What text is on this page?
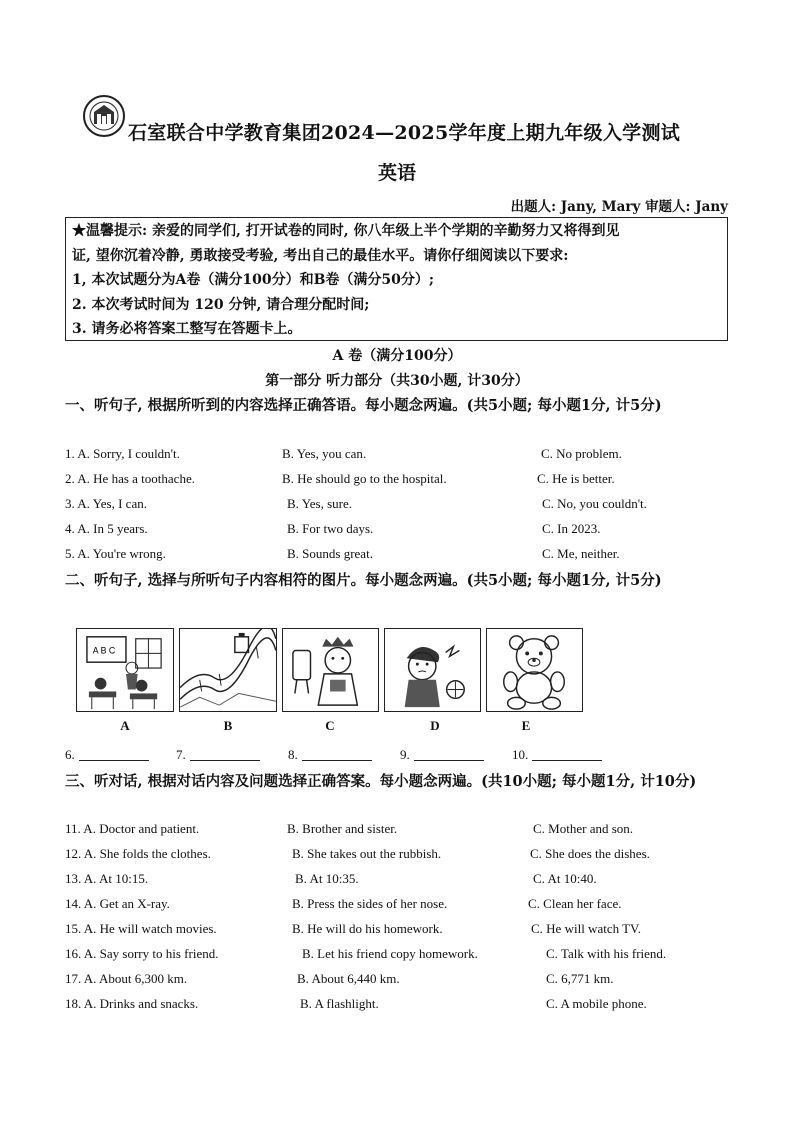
石室联合中学教育集团2024—2025学年度上期九年级入学测试
英语
出题人: Jany, Mary 审题人: Jany
★温馨提示: 亲爱的同学们, 打开试卷的同时, 你八年级上半个学期的辛勤努力又将得到见
证, 望你沉着冷静, 勇敢接受考验, 考出自己的最佳水平。请你仔细阅读以下要求:
1, 本次试题分为A卷（满分100分）和B卷（满分50分）;
2. 本次考试时间为 120 分钟, 请合理分配时间;
3. 请务必将答案工整写在答题卡上。
A 卷（满分100分）
第一部分 听力部分（共30小题, 计30分）
一、听句子, 根据所听到的内容选择正确答语。每小题念两遍。(共5小题; 每小题1分, 计5分)
1. A. Sorry, I couldn't.	B. Yes, you can.	C. No problem.
2. A. He has a toothache.	B. He should go to the hospital.	C. He is better.
3. A. Yes, I can.	B. Yes, sure.	C. No, you couldn't.
4. A. In 5 years.	B. For two days.	C. In 2023.
5. A. You're wrong.	B. Sounds great.	C. Me, neither.
二、听句子, 选择与所听句子内容相符的图片。每小题念两遍。(共5小题; 每小题1分, 计5分)
A B C
A	B	C	D	E
6.	7.	8.	9.	10.
三、听对话, 根据对话内容及问题选择正确答案。每小题念两遍。(共10小题; 每小题1分, 计10分)
11. A. Doctor and patient.	B. Brother and sister.	C. Mother and son.
12. A. She folds the clothes.	B. She takes out the rubbish.	C. She does the dishes.
13. A. At 10:15.	B. At 10:35.	C. At 10:40.
14. A. Get an X-ray.	B. Press the sides of her nose.	C. Clean her face.
15. A. He will watch movies.	B. He will do his homework.	C. He will watch TV.
16. A. Say sorry to his friend.	B. Let his friend copy homework.	C. Talk with his friend.
17. A. About 6,300 km.	B. About 6,440 km.	C. 6,771 km.
18. A. Drinks and snacks.	B. A flashlight.	C. A mobile phone.
